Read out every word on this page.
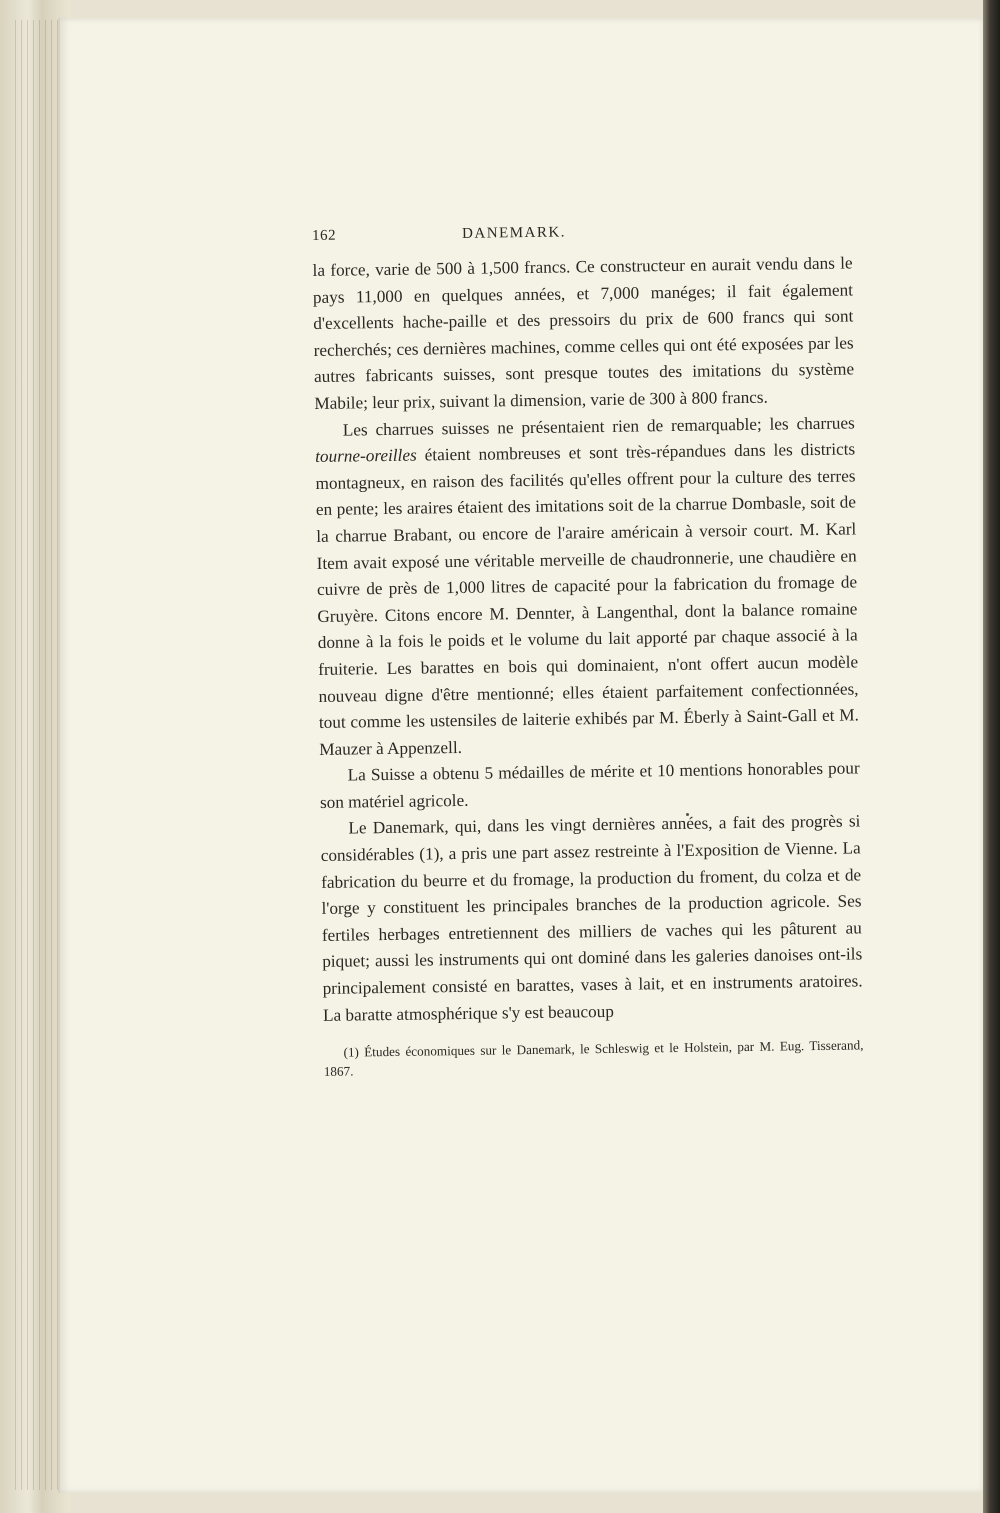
162	DANEMARK.

la force, varie de 500 à 1,500 francs. Ce constructeur en aurait vendu dans le pays 11,000 en quelques années, et 7,000 manéges; il fait également d'excellents hache-paille et des pressoirs du prix de 600 francs qui sont recherchés; ces dernières machines, comme celles qui ont été exposées par les autres fabricants suisses, sont presque toutes des imitations du système Mabile; leur prix, suivant la dimension, varie de 300 à 800 francs.

Les charrues suisses ne présentaient rien de remarquable; les charrues tourne-oreilles étaient nombreuses et sont très-répandues dans les districts montagneux, en raison des facilités qu'elles offrent pour la culture des terres en pente; les araires étaient des imitations soit de la charrue Dombasle, soit de la charrue Brabant, ou encore de l'araire américain à versoir court. M. Karl Item avait exposé une véritable merveille de chaudronnerie, une chaudière en cuivre de près de 1,000 litres de capacité pour la fabrication du fromage de Gruyère. Citons encore M. Dennter, à Langenthal, dont la balance romaine donne à la fois le poids et le volume du lait apporté par chaque associé à la fruiterie. Les barattes en bois qui dominaient, n'ont offert aucun modèle nouveau digne d'être mentionné; elles étaient parfaitement confectionnées, tout comme les ustensiles de laiterie exhibés par M. Éberly à Saint-Gall et M. Mauzer à Appenzell.

La Suisse a obtenu 5 médailles de mérite et 10 mentions honorables pour son matériel agricole.

Le Danemark, qui, dans les vingt dernières années, a fait des progrès si considérables (1), a pris une part assez restreinte à l'Exposition de Vienne. La fabrication du beurre et du fromage, la production du froment, du colza et de l'orge y constituent les principales branches de la production agricole. Ses fertiles herbages entretiennent des milliers de vaches qui les pâturent au piquet; aussi les instruments qui ont dominé dans les galeries danoises ont-ils principalement consisté en barattes, vases à lait, et en instruments aratoires. La baratte atmosphérique s'y est beaucoup

(1) Études économiques sur le Danemark, le Schleswig et le Holstein, par M. Eug. Tisserand, 1867.
